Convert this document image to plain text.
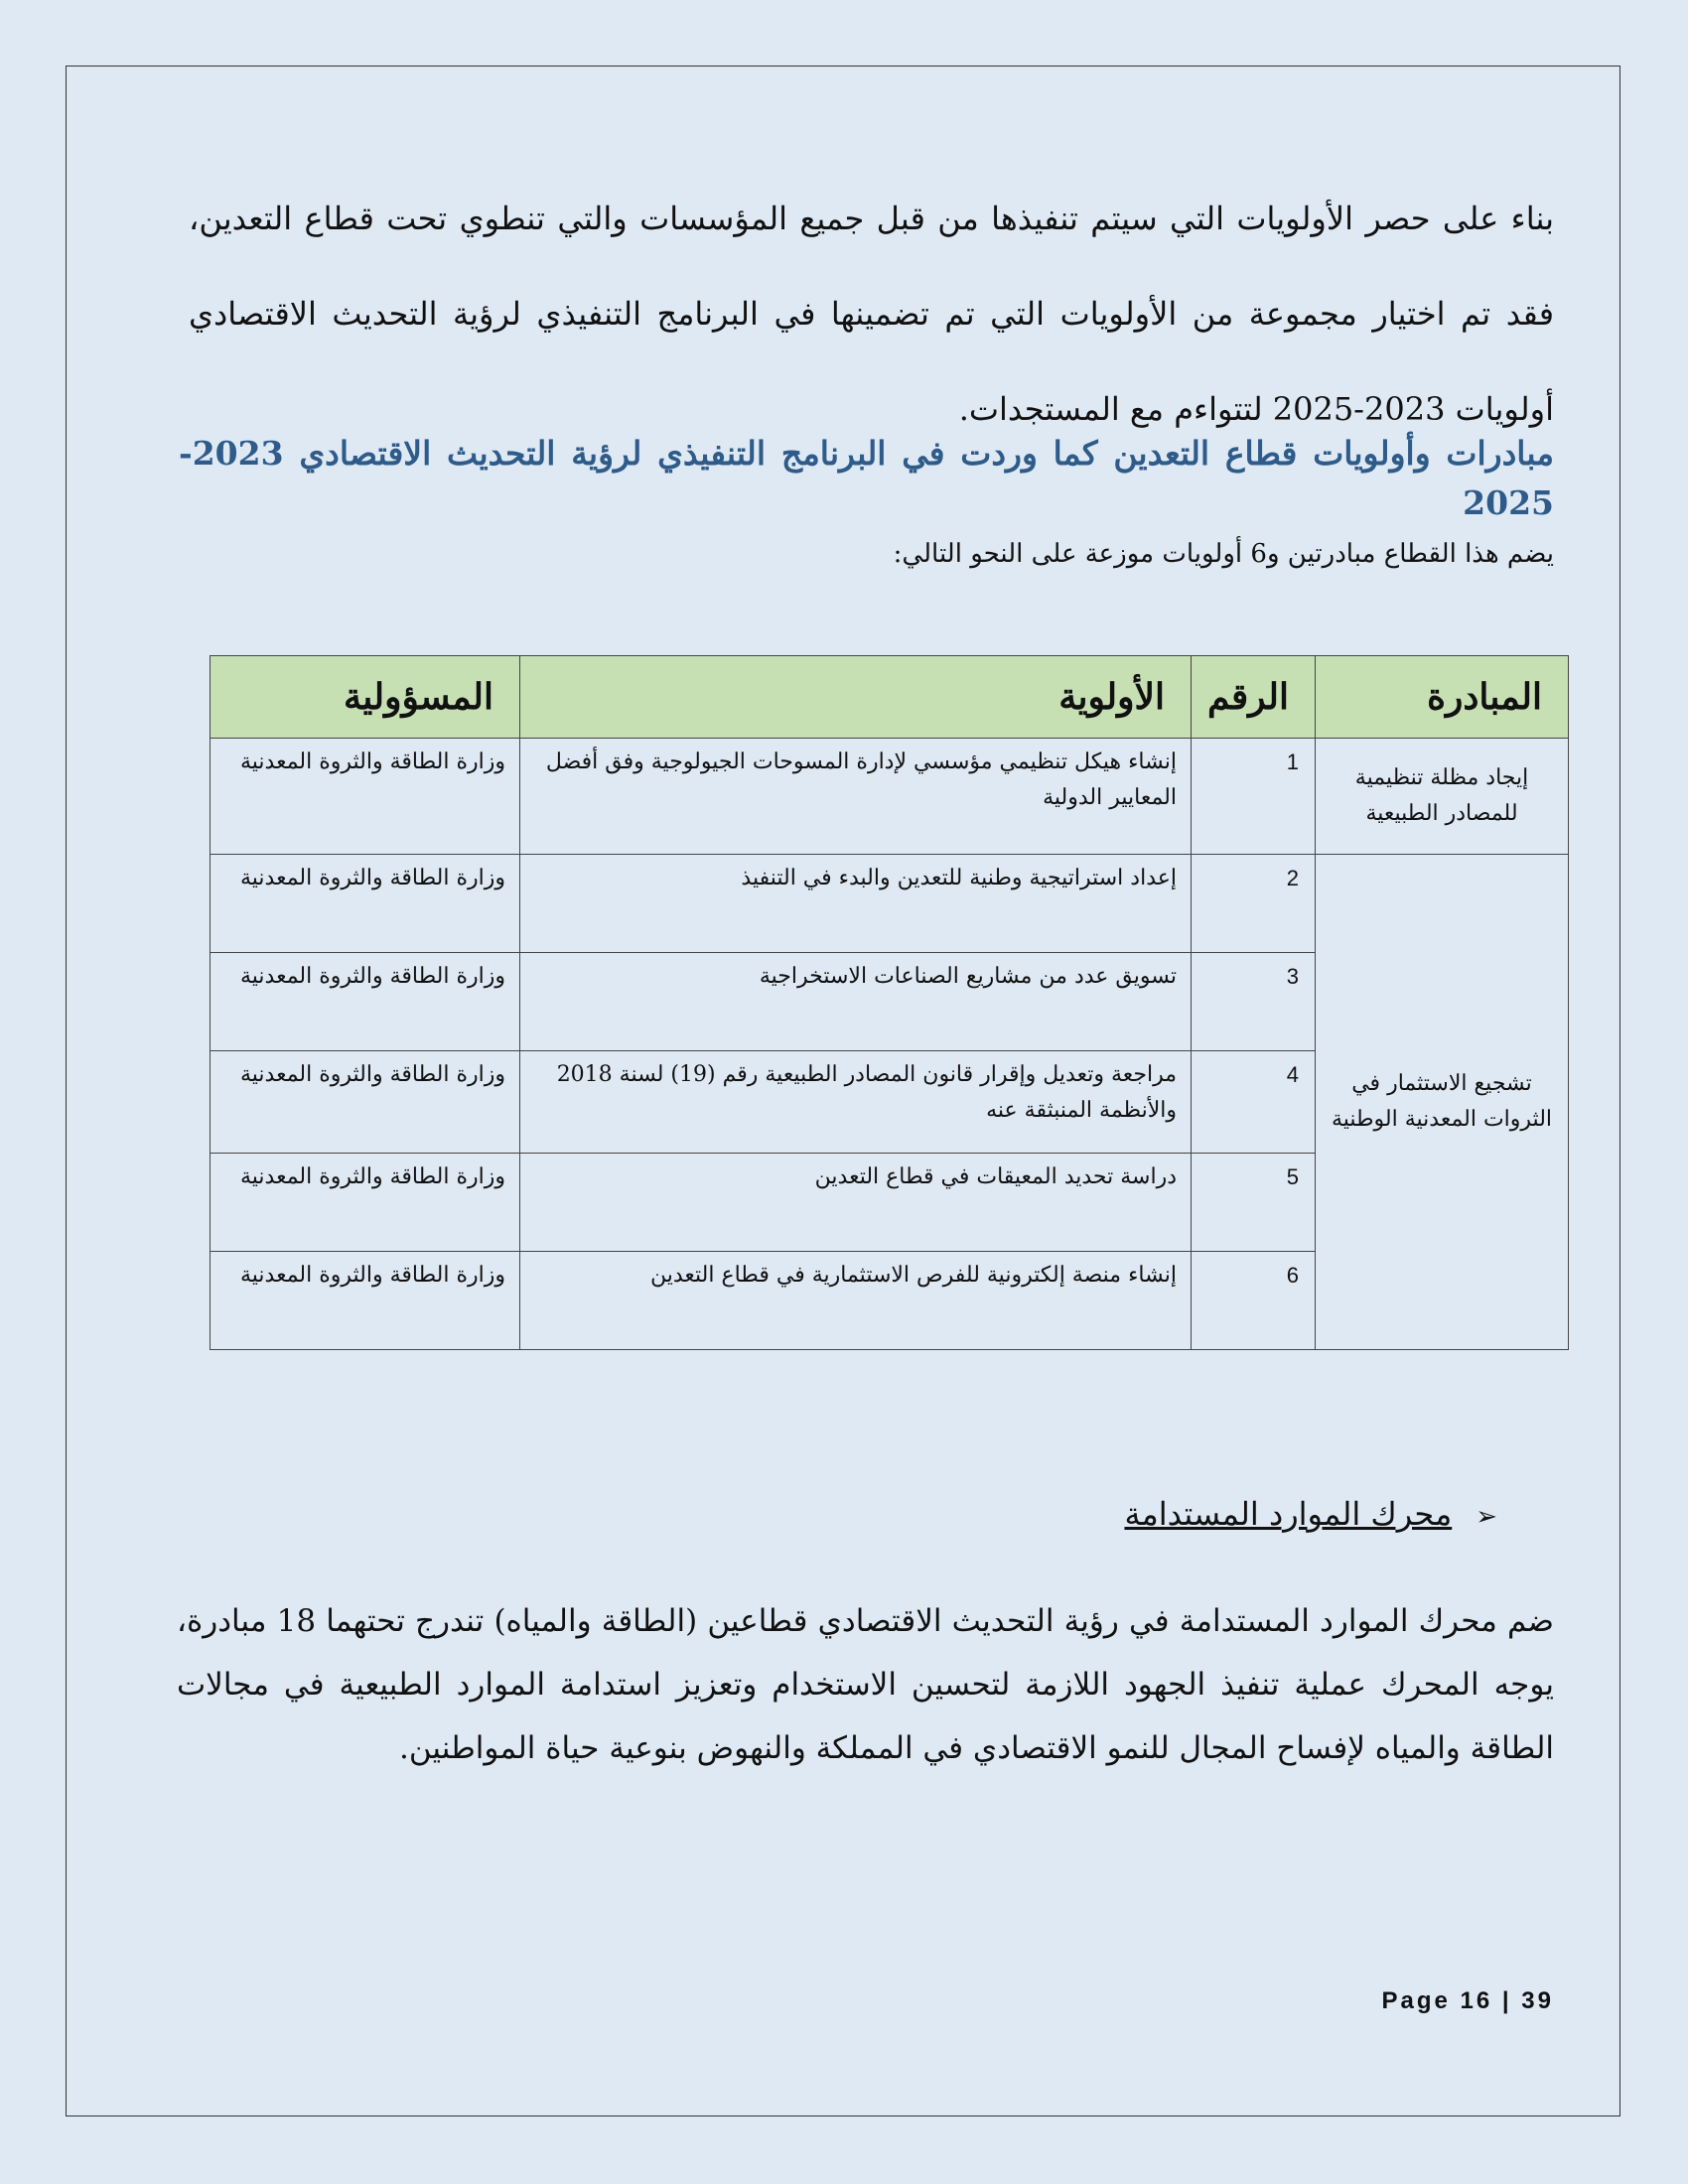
بناء على حصر الأولويات التي سيتم تنفيذها من قبل جميع المؤسسات والتي تنطوي تحت قطاع التعدين، فقد تم اختيار مجموعة من الأولويات التي تم تضمينها في البرنامج التنفيذي لرؤية التحديث الاقتصادي أولويات 2023-2025 لتتواءم مع المستجدات.

مبادرات وأولويات قطاع التعدين كما وردت في البرنامج التنفيذي لرؤية التحديث الاقتصادي 2023-2025
يضم هذا القطاع مبادرتين و6 أولويات موزعة على النحو التالي:
المبادرة	الرقم	الأولوية	المسؤولية
إيجاد مظلة تنظيمية للمصادر الطبيعية	1	إنشاء هيكل تنظيمي مؤسسي لإدارة المسوحات الجيولوجية وفق أفضل المعايير الدولية	وزارة الطاقة والثروة المعدنية
تشجيع الاستثمار في الثروات المعدنية الوطنية	2	إعداد استراتيجية وطنية للتعدين والبدء في التنفيذ	وزارة الطاقة والثروة المعدنية
	3	تسويق عدد من مشاريع الصناعات الاستخراجية	وزارة الطاقة والثروة المعدنية
	4	مراجعة وتعديل وإقرار قانون المصادر الطبيعية رقم (19) لسنة 2018 والأنظمة المنبثقة عنه	وزارة الطاقة والثروة المعدنية
	5	دراسة تحديد المعيقات في قطاع التعدين	وزارة الطاقة والثروة المعدنية
	6	إنشاء منصة إلكترونية للفرص الاستثمارية في قطاع التعدين	وزارة الطاقة والثروة المعدنية
➢محرك الموارد المستدامة

ضم محرك الموارد المستدامة في رؤية التحديث الاقتصادي قطاعين (الطاقة والمياه) تندرج تحتهما 18 مبادرة، يوجه المحرك عملية تنفيذ الجهود اللازمة لتحسين الاستخدام وتعزيز استدامة الموارد الطبيعية في مجالات الطاقة والمياه لإفساح المجال للنمو الاقتصادي في المملكة والنهوض بنوعية حياة المواطنين.

Page 16 | 39
